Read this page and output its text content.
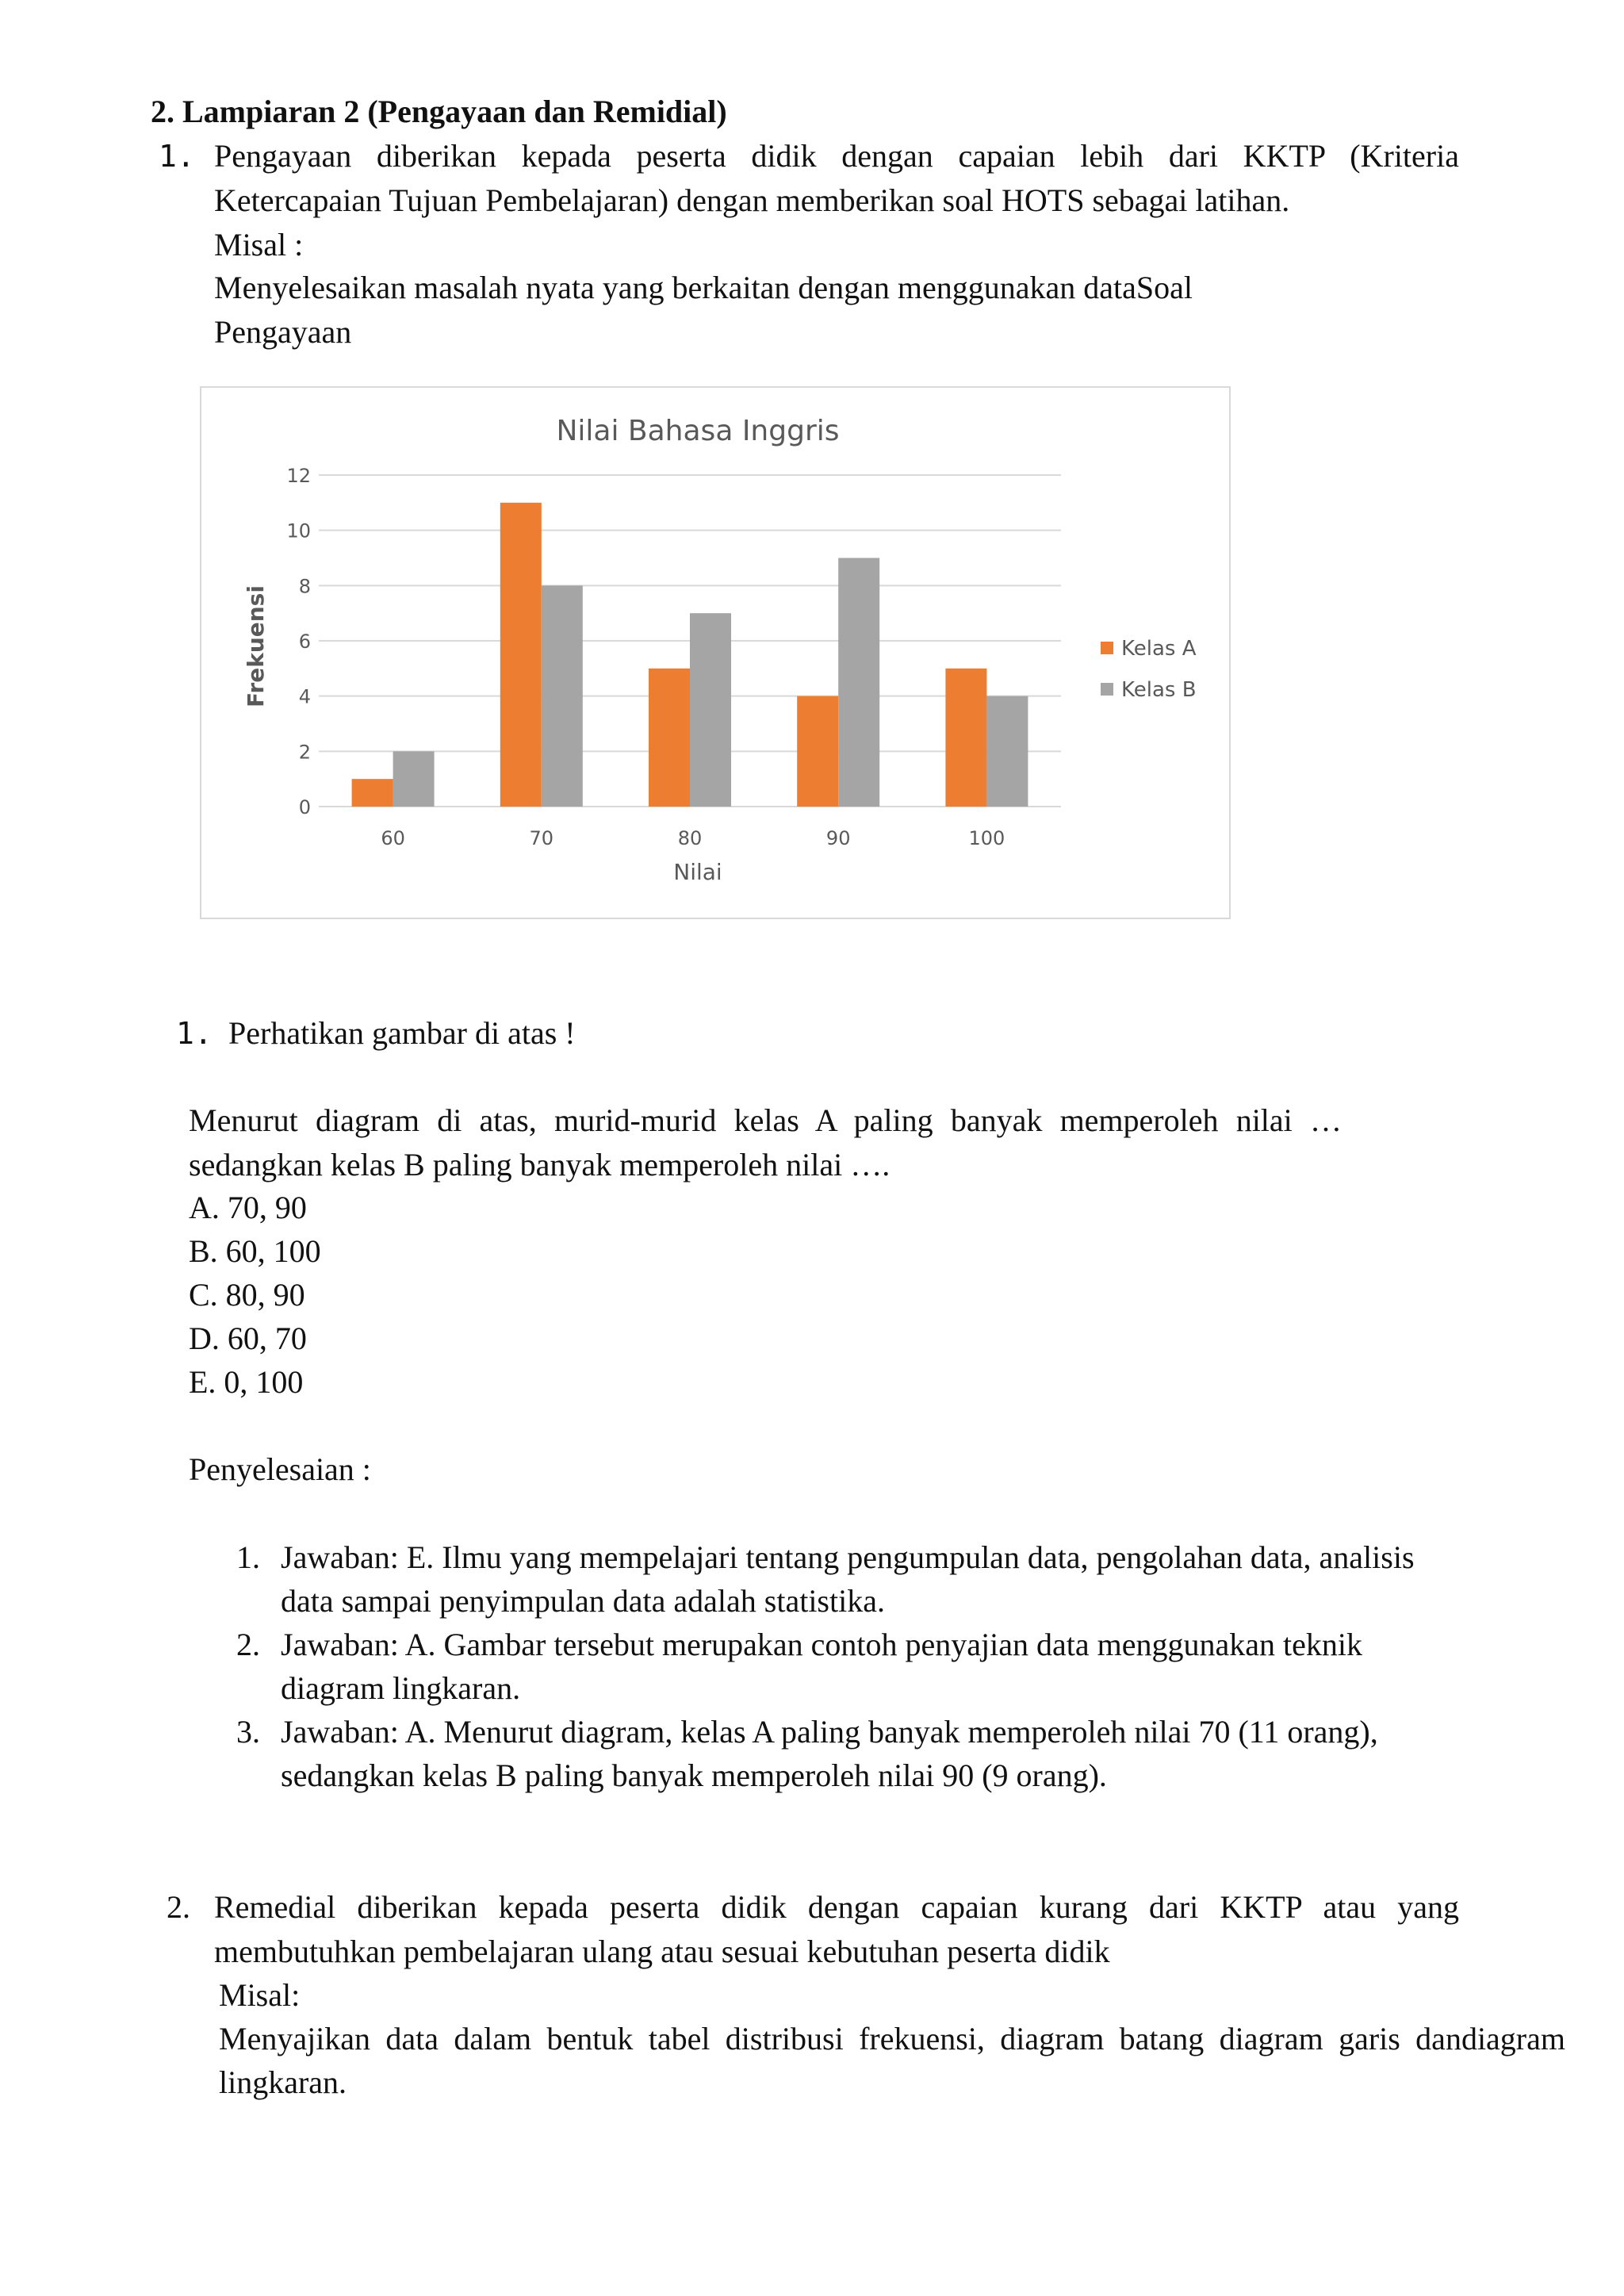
2. Lampiaran 2 (Pengayaan dan Remidial)

1. Pengayaan diberikan kepada peserta didik dengan capaian lebih dari KKTP (Kriteria

Ketercapaian Tujuan Pembelajaran) dengan memberikan soal HOTS sebagai latihan.

Misal :

Menyelesaikan masalah nyata yang berkaitan dengan menggunakan dataSoal

Pengayaan

Nilai Bahasa Inggris
0
2
4
6
8
10
12
60	70	80	90	100
Nilai
Frekuensi	Kelas A
Kelas B

1. Perhatikan gambar di atas !

Menurut diagram di atas, murid-murid kelas A paling banyak memperoleh nilai …

sedangkan kelas B paling banyak memperoleh nilai ….

A. 70, 90

B. 60, 100

C. 80, 90

D. 60, 70

E. 0, 100

Penyelesaian :

1. Jawaban: E. Ilmu yang mempelajari tentang pengumpulan data, pengolahan data, analisis

data sampai penyimpulan data adalah statistika.

2. Jawaban: A. Gambar tersebut merupakan contoh penyajian data menggunakan teknik

diagram lingkaran.

3. Jawaban: A. Menurut diagram, kelas A paling banyak memperoleh nilai 70 (11 orang),

sedangkan kelas B paling banyak memperoleh nilai 90 (9 orang).

2. Remedial diberikan kepada peserta didik dengan capaian kurang dari KKTP atau yang

membutuhkan pembelajaran ulang atau sesuai kebutuhan peserta didik

Misal:

Menyajikan data dalam bentuk tabel distribusi frekuensi, diagram batang diagram garis dandiagram

lingkaran.
